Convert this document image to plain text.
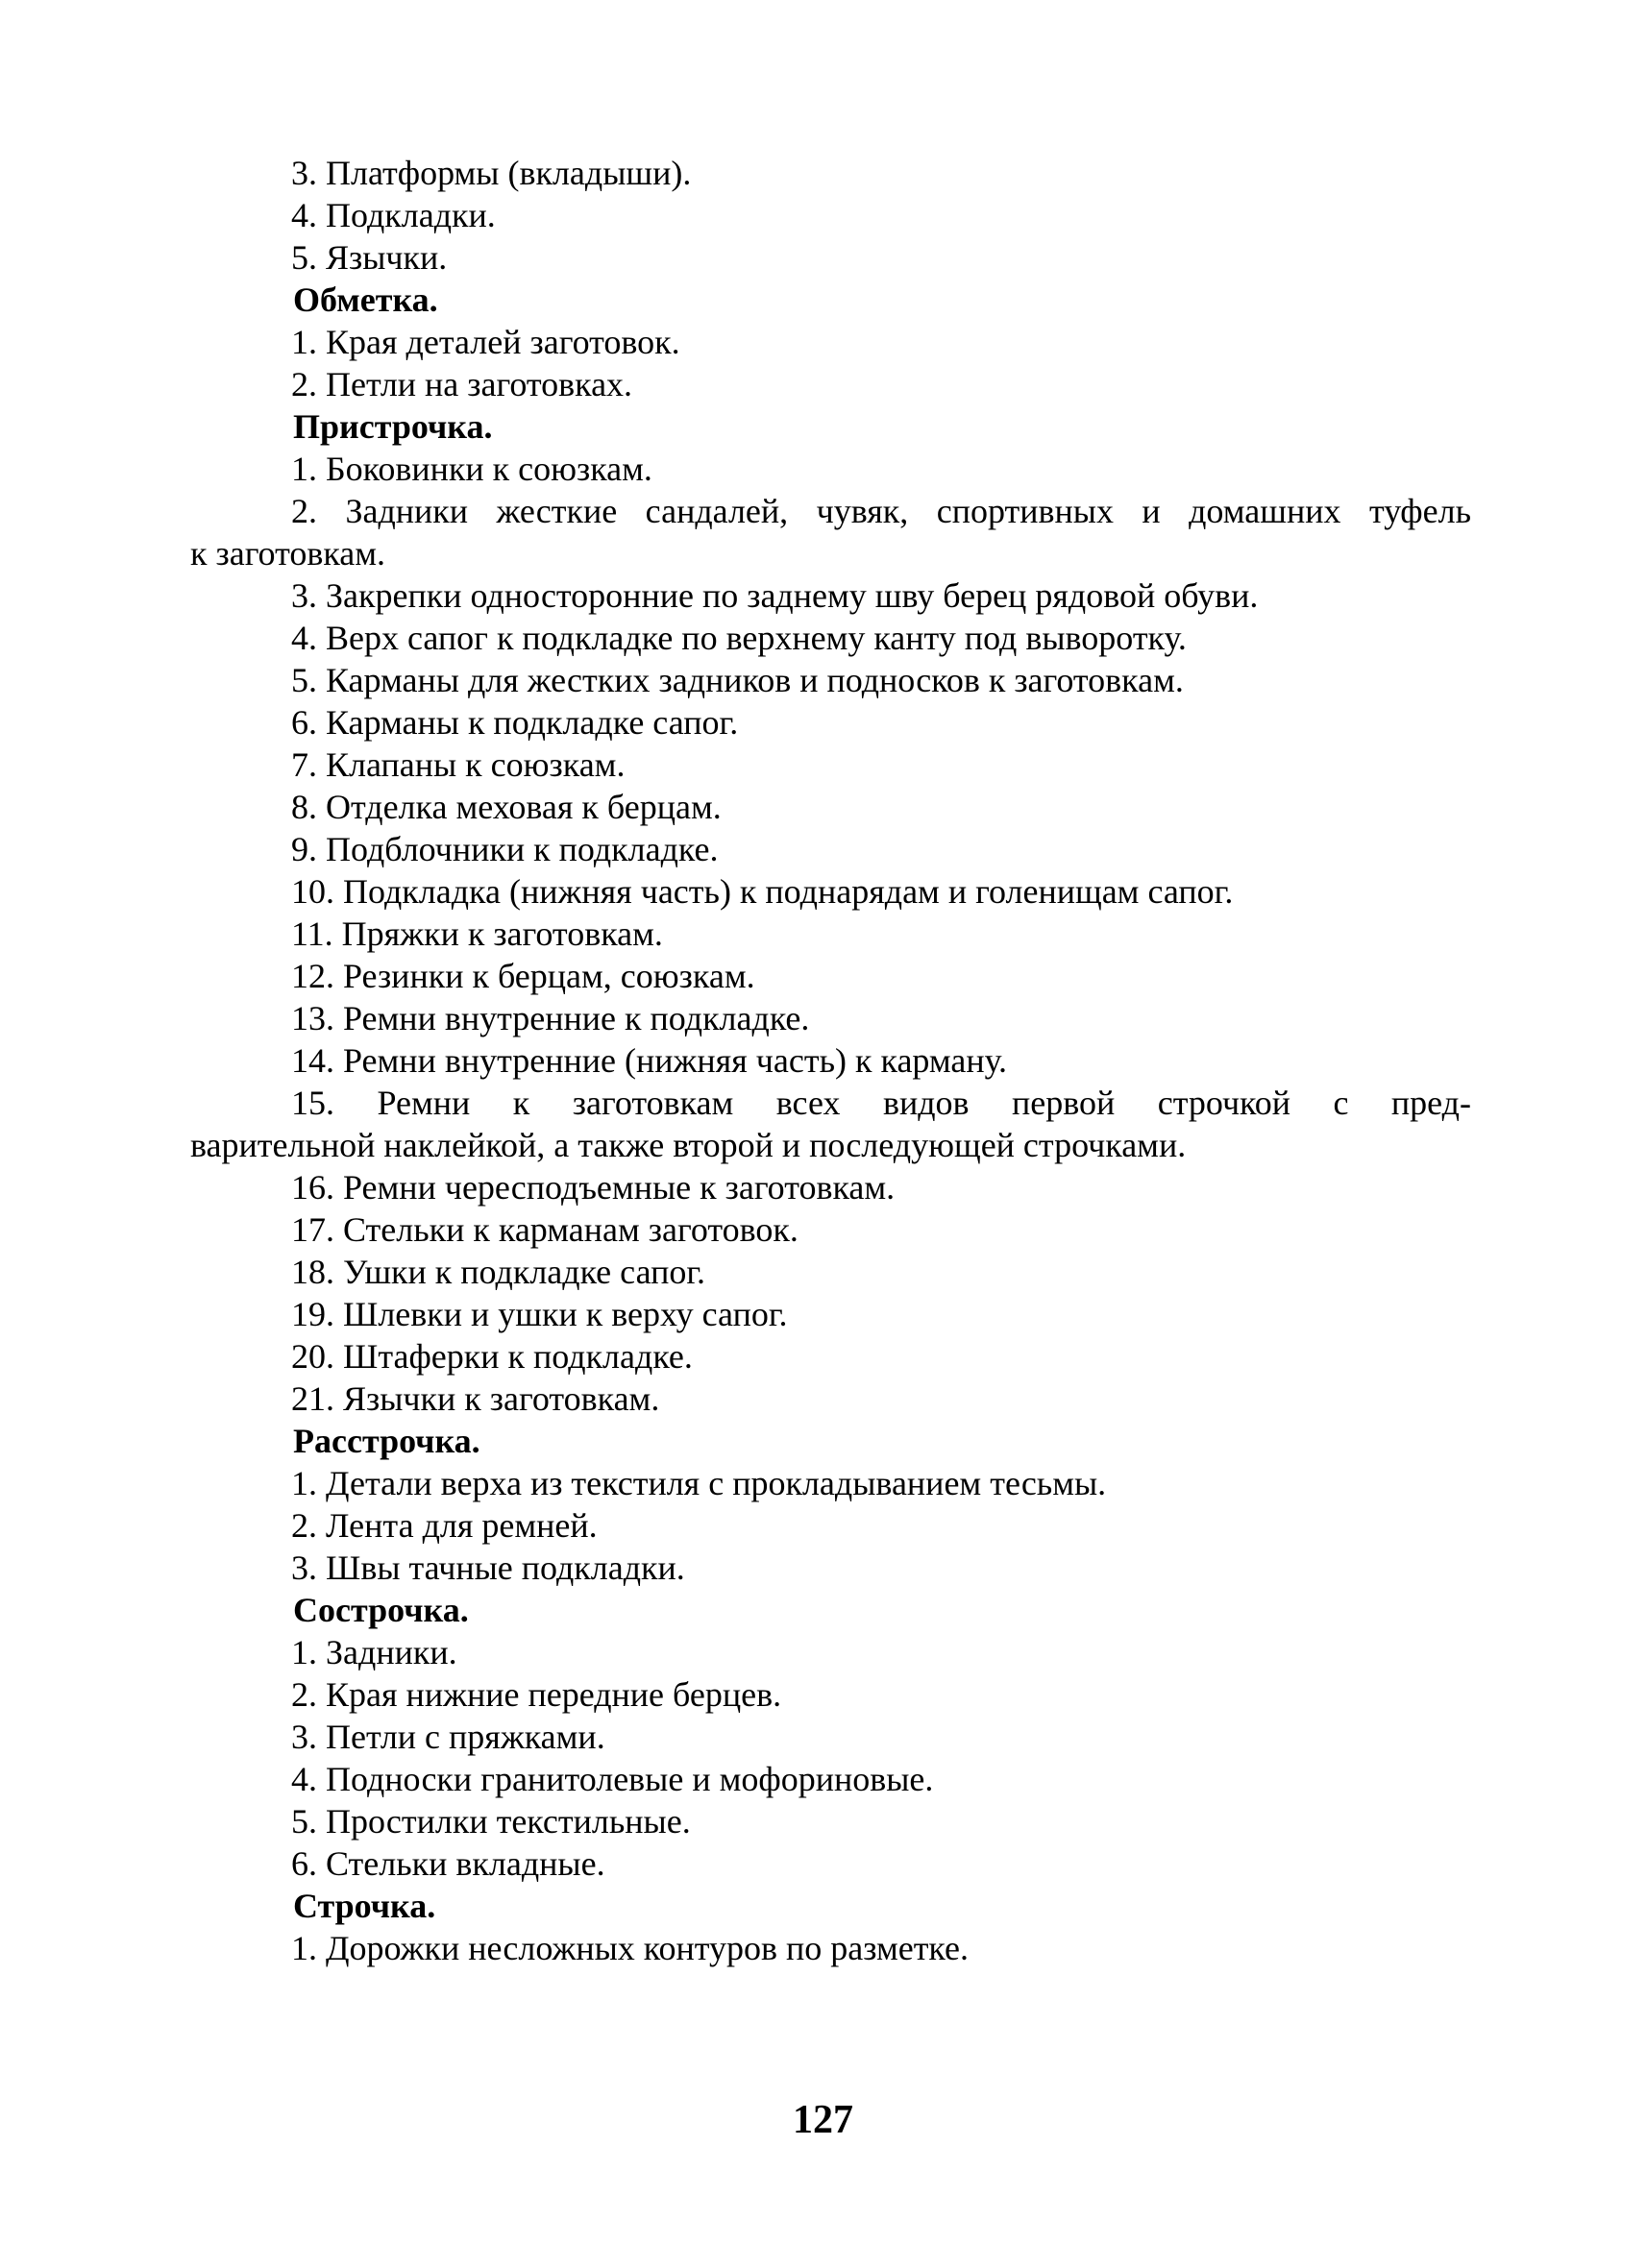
3. Платформы (вкладыши).
4. Подкладки.
5. Язычки.
Обметка.
1. Края деталей заготовок.
2. Петли на заготовках.
Пристрочка.
1. Боковинки к союзкам.
2. Задники жесткие сандалей, чувяк, спортивных и домашних туфель
к заготовкам.
3. Закрепки односторонние по заднему шву берец рядовой обуви.
4. Верх сапог к подкладке по верхнему канту под выворотку.
5. Карманы для жестких задников и подносков к заготовкам.
6. Карманы к подкладке сапог.
7. Клапаны к союзкам.
8. Отделка меховая к берцам.
9. Подблочники к подкладке.
10. Подкладка (нижняя часть) к поднарядам и голенищам сапог.
11. Пряжки к заготовкам.
12. Резинки к берцам, союзкам.
13. Ремни внутренние к подкладке.
14. Ремни внутренние (нижняя часть) к карману.
15. Ремни к заготовкам всех видов первой строчкой с пред-
варительной наклейкой, а также второй и последующей строчками.
16. Ремни чересподъемные к заготовкам.
17. Стельки к карманам заготовок.
18. Ушки к подкладке сапог.
19. Шлевки и ушки к верху сапог.
20. Штаферки к подкладке.
21. Язычки к заготовкам.
Расстрочка.
1. Детали верха из текстиля с прокладыванием тесьмы.
2. Лента для ремней.
3. Швы тачные подкладки.
Сострочка.
1. Задники.
2. Края нижние передние берцев.
3. Петли с пряжками.
4. Подноски гранитолевые и мофориновые.
5. Простилки текстильные.
6. Стельки вкладные.
Строчка.
1. Дорожки несложных контуров по разметке.
127
